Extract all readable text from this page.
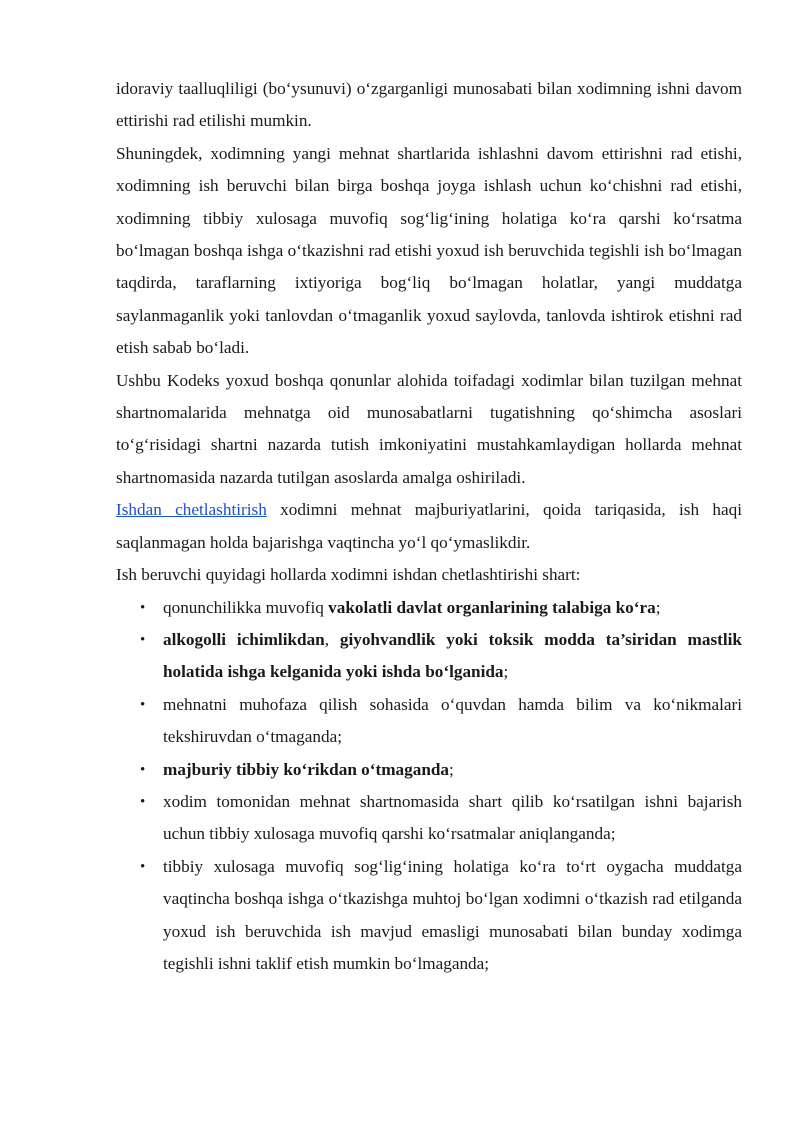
idoraviy taalluqliligi (bo‘ysunuvi) o‘zgarganligi munosabati bilan xodimning ishni davom ettirishi rad etilishi mumkin.

Shuningdek, xodimning yangi mehnat shartlarida ishlashni davom ettirishni rad etishi, xodimning ish beruvchi bilan birga boshqa joyga ishlash uchun ko‘chishni rad etishi, xodimning tibbiy xulosaga muvofiq sog‘lig‘ining holatiga ko‘ra qarshi ko‘rsatma bo‘lmagan boshqa ishga o‘tkazishni rad etishi yoxud ish beruvchida tegishli ish bo‘lmagan taqdirda, taraflarning ixtiyoriga bog‘liq bo‘lmagan holatlar, yangi muddatga saylanmaganlik yoki tanlovdan o‘tmaganlik yoxud saylovda, tanlovda ishtirok etishni rad etish sabab bo‘ladi.

Ushbu Kodeks yoxud boshqa qonunlar alohida toifadagi xodimlar bilan tuzilgan mehnat shartnomalarida mehnatga oid munosabatlarni tugatishning qo‘shimcha asoslari to‘g‘risidagi shartni nazarda tutish imkoniyatini mustahkamlaydigan hollarda mehnat shartnomasida nazarda tutilgan asoslarda amalga oshiriladi.

Ishdan chetlashtirish xodimni mehnat majburiyatlarini, qoida tariqasida, ish haqi saqlanmagan holda bajarishga vaqtincha yo‘l qo‘ymaslikdir.

Ish beruvchi quyidagi hollarda xodimni ishdan chetlashtirishi shart:

• qonunchilikka muvofiq vakolatli davlat organlarining talabiga ko‘ra;
• alkogolli ichimlikdan, giyohvandlik yoki toksik modda ta’siridan mastlik holatida ishga kelganida yoki ishda bo‘lganida;
• mehnatni muhofaza qilish sohasida o‘quvdan hamda bilim va ko‘nikmalari tekshiruvdan o‘tmaganda;
• majburiy tibbiy ko‘rikdan o‘tmaganda;
• xodim tomonidan mehnat shartnomasida shart qilib ko‘rsatilgan ishni bajarish uchun tibbiy xulosaga muvofiq qarshi ko‘rsatmalar aniqlanganda;
• tibbiy xulosaga muvofiq sog‘lig‘ining holatiga ko‘ra to‘rt oygacha muddatga vaqtincha boshqa ishga o‘tkazishga muhtoj bo‘lgan xodimni o‘tkazish rad etilganda yoxud ish beruvchida ish mavjud emasligi munosabati bilan bunday xodimga tegishli ishni taklif etish mumkin bo‘lmaganda;
